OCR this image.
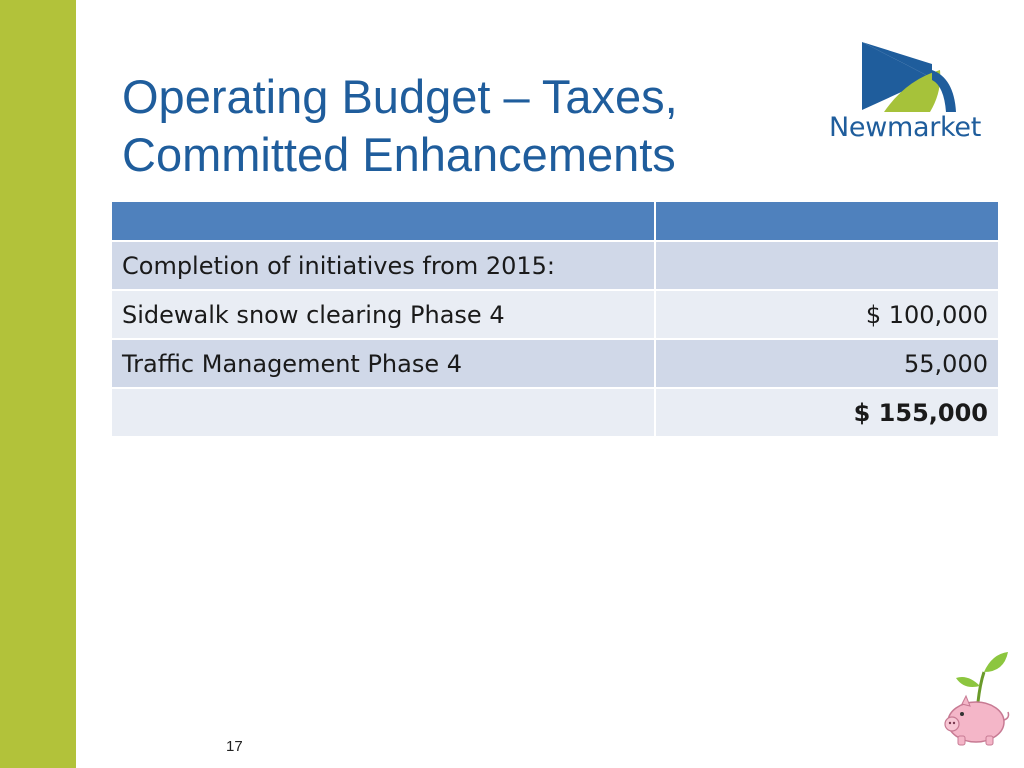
Operating Budget – Taxes,
Committed Enhancements
Newmarket

Completion of initiatives from 2015:	
Sidewalk snow clearing Phase 4	$ 100,000
Traffic Management Phase 4	55,000
	$ 155,000
17
